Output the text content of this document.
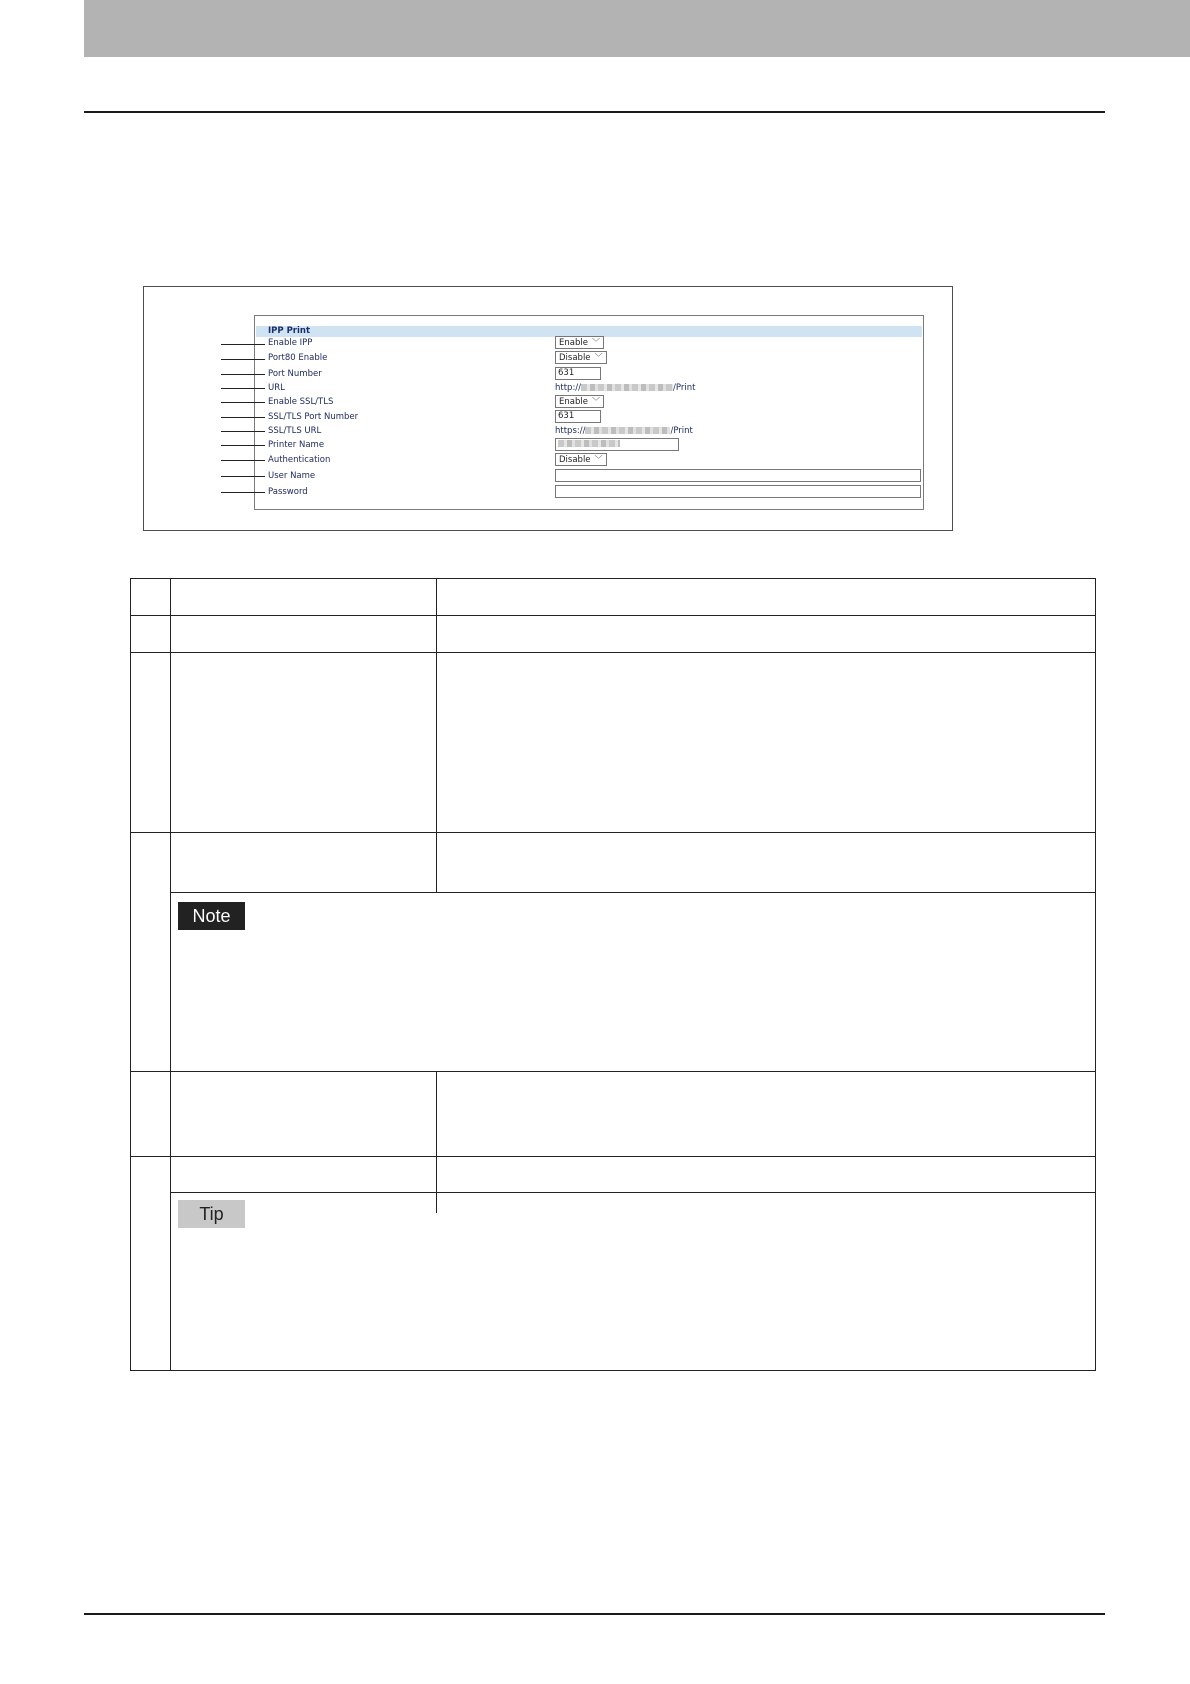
IPP Print
Enable IPP	Enable ﹀
Port80 Enable	Disable ﹀
Port Number	631
URL	http://	/Print
Enable SSL/TLS	Enable ﹀
SSL/TLS Port Number	631
SSL/TLS URL	https://	/Print
Printer Name
Authentication	Disable ﹀
User Name
Password
Note
Tip
